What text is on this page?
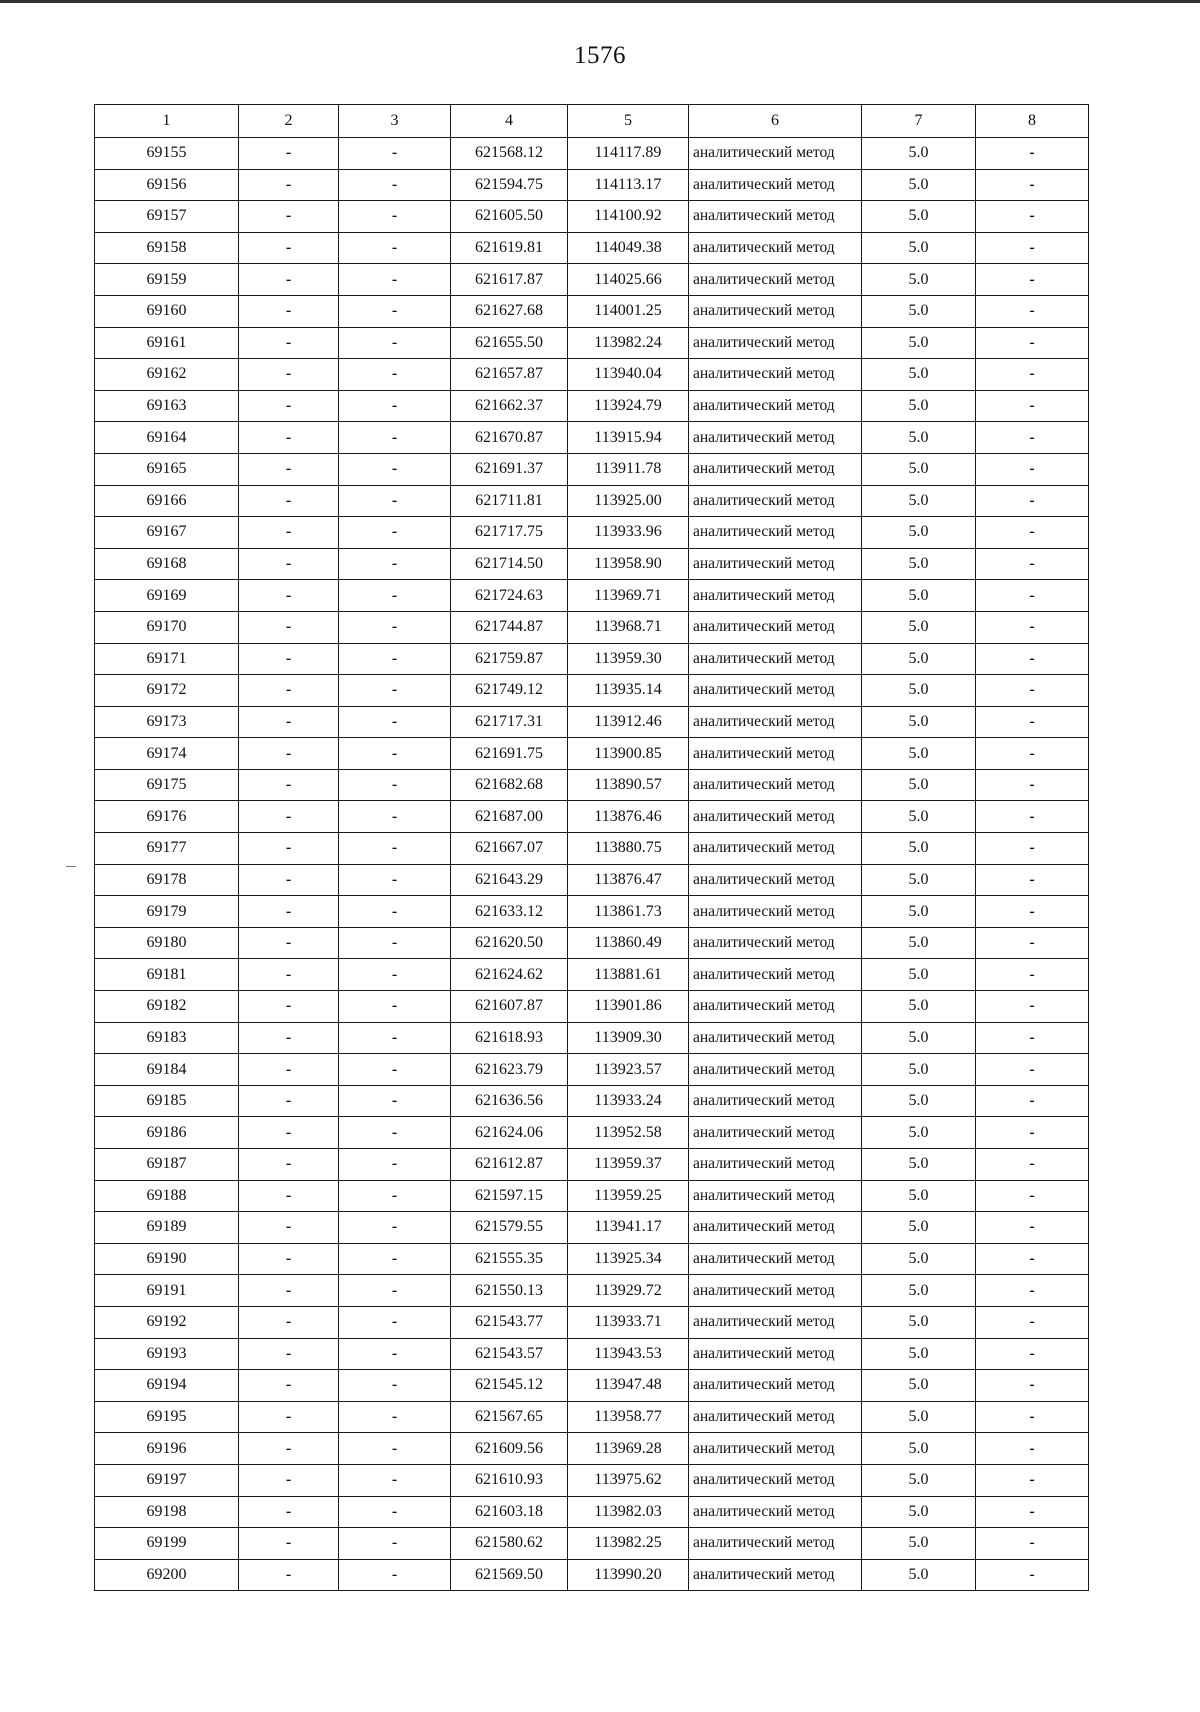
1576
1	2	3	4	5	6	7	8
69155	-	-	621568.12	114117.89	аналитический метод	5.0	-
69156	-	-	621594.75	114113.17	аналитический метод	5.0	-
69157	-	-	621605.50	114100.92	аналитический метод	5.0	-
69158	-	-	621619.81	114049.38	аналитический метод	5.0	-
69159	-	-	621617.87	114025.66	аналитический метод	5.0	-
69160	-	-	621627.68	114001.25	аналитический метод	5.0	-
69161	-	-	621655.50	113982.24	аналитический метод	5.0	-
69162	-	-	621657.87	113940.04	аналитический метод	5.0	-
69163	-	-	621662.37	113924.79	аналитический метод	5.0	-
69164	-	-	621670.87	113915.94	аналитический метод	5.0	-
69165	-	-	621691.37	113911.78	аналитический метод	5.0	-
69166	-	-	621711.81	113925.00	аналитический метод	5.0	-
69167	-	-	621717.75	113933.96	аналитический метод	5.0	-
69168	-	-	621714.50	113958.90	аналитический метод	5.0	-
69169	-	-	621724.63	113969.71	аналитический метод	5.0	-
69170	-	-	621744.87	113968.71	аналитический метод	5.0	-
69171	-	-	621759.87	113959.30	аналитический метод	5.0	-
69172	-	-	621749.12	113935.14	аналитический метод	5.0	-
69173	-	-	621717.31	113912.46	аналитический метод	5.0	-
69174	-	-	621691.75	113900.85	аналитический метод	5.0	-
69175	-	-	621682.68	113890.57	аналитический метод	5.0	-
69176	-	-	621687.00	113876.46	аналитический метод	5.0	-
69177	-	-	621667.07	113880.75	аналитический метод	5.0	-
69178	-	-	621643.29	113876.47	аналитический метод	5.0	-
69179	-	-	621633.12	113861.73	аналитический метод	5.0	-
69180	-	-	621620.50	113860.49	аналитический метод	5.0	-
69181	-	-	621624.62	113881.61	аналитический метод	5.0	-
69182	-	-	621607.87	113901.86	аналитический метод	5.0	-
69183	-	-	621618.93	113909.30	аналитический метод	5.0	-
69184	-	-	621623.79	113923.57	аналитический метод	5.0	-
69185	-	-	621636.56	113933.24	аналитический метод	5.0	-
69186	-	-	621624.06	113952.58	аналитический метод	5.0	-
69187	-	-	621612.87	113959.37	аналитический метод	5.0	-
69188	-	-	621597.15	113959.25	аналитический метод	5.0	-
69189	-	-	621579.55	113941.17	аналитический метод	5.0	-
69190	-	-	621555.35	113925.34	аналитический метод	5.0	-
69191	-	-	621550.13	113929.72	аналитический метод	5.0	-
69192	-	-	621543.77	113933.71	аналитический метод	5.0	-
69193	-	-	621543.57	113943.53	аналитический метод	5.0	-
69194	-	-	621545.12	113947.48	аналитический метод	5.0	-
69195	-	-	621567.65	113958.77	аналитический метод	5.0	-
69196	-	-	621609.56	113969.28	аналитический метод	5.0	-
69197	-	-	621610.93	113975.62	аналитический метод	5.0	-
69198	-	-	621603.18	113982.03	аналитический метод	5.0	-
69199	-	-	621580.62	113982.25	аналитический метод	5.0	-
69200	-	-	621569.50	113990.20	аналитический метод	5.0	-
